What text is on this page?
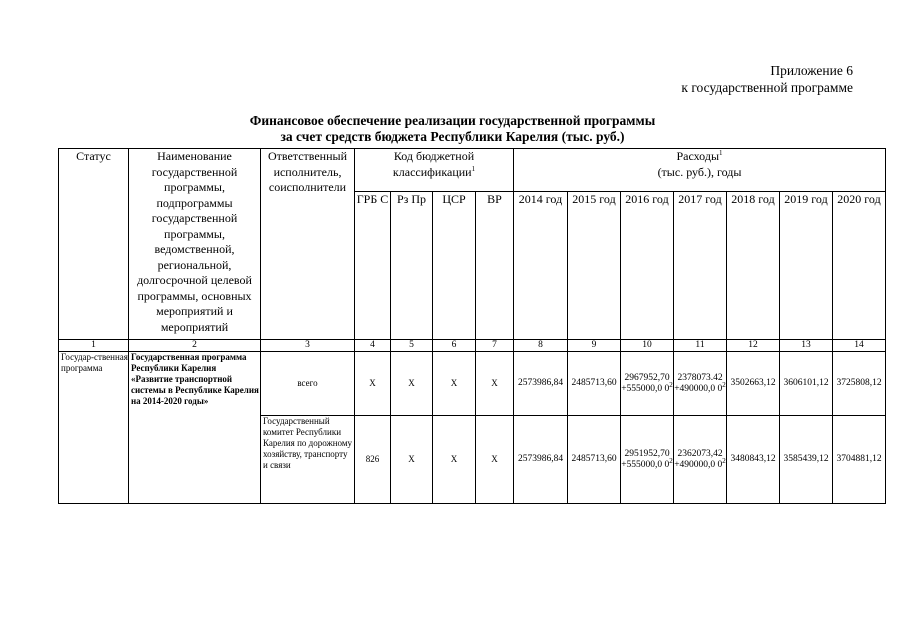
Приложение 6
к государственной программе
Финансовое обеспечение реализации государственной программы
за счет средств бюджета Республики Карелия (тыс. руб.)
Статус	Наименование государственной программы, подпрограммы государственной программы, ведомственной, региональной, долгосрочной целевой программы, основных мероприятий и мероприятий	Ответственный исполнитель, соисполнители	Код бюджетной классификации$^1$				Расходы$^1$
(тыс. руб.), годы						
			ГРБ С	Рз Пр	ЦСР	ВР	2014 год	2015 год	2016 год	2017 год	2018 год	2019 год	2020 год
1	2	3	4	5	6	7	8	9	10	11	12	13	14
Государ-ственная программа	Государственная программа Республики Карелия «Развитие транспортной системы в Республике Карелия на 2014-2020 годы»	всего	Х	Х	Х	Х	2573986,84	2485713,60	2967952,70 +555000,0 $0^2$	2378073.42 +490000,0 $0^2$	3502663,12	3606101,12	3725808,12
		Государственный комитет Республики Карелия по дорожному хозяйству, транспорту и связи	826	Х	Х	Х	2573986,84	2485713,60	2951952,70 +555000,0 $0^2$	2362073,42 +490000,0 $0^2$	3480843,12	3585439,12	3704881,12
